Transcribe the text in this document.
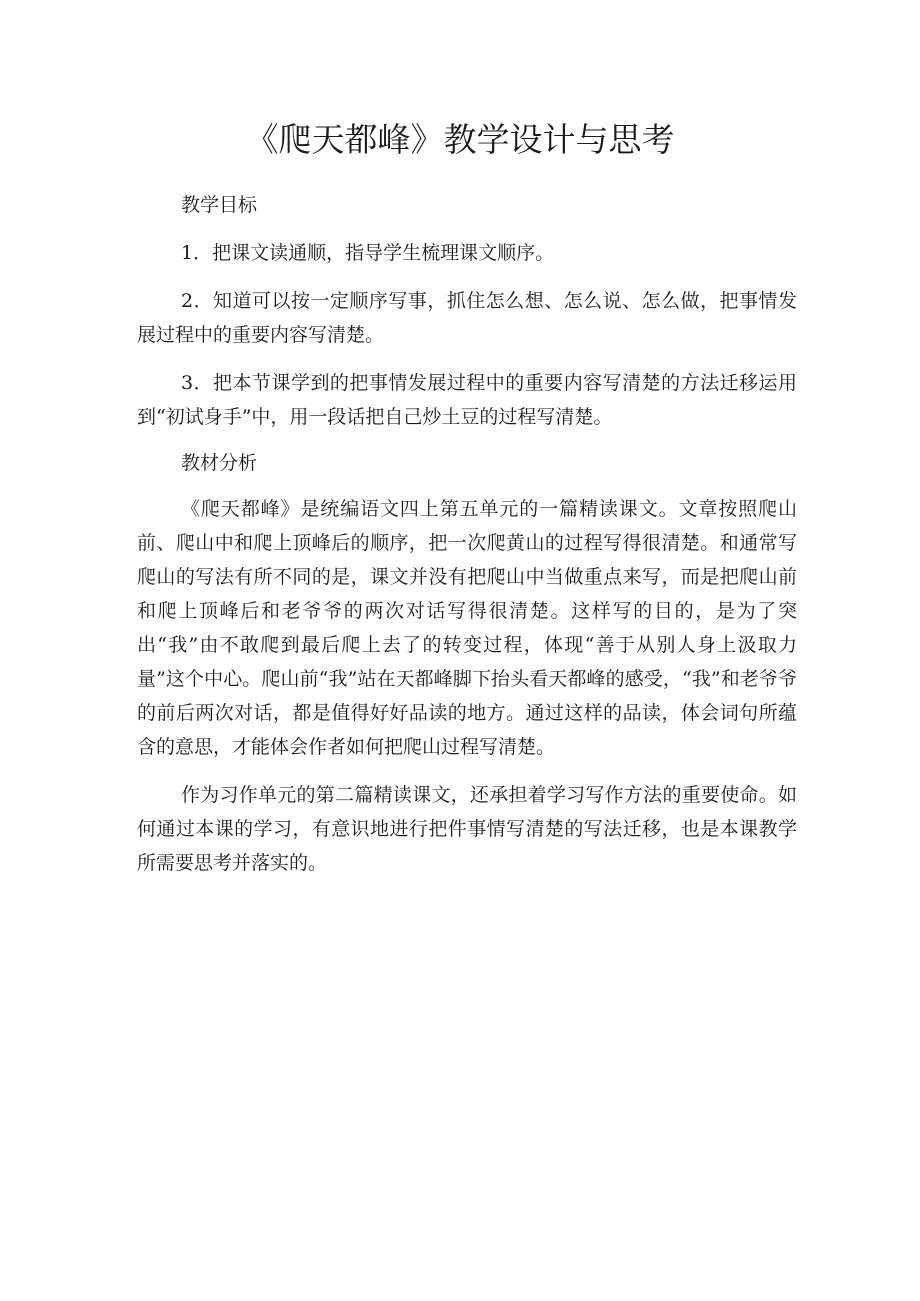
《爬天都峰》教学设计与思考

教学目标

1．把课文读通顺，指导学生梳理课文顺序。

2．知道可以按一定顺序写事，抓住怎么想、怎么说、怎么做，把事情发展过程中的重要内容写清楚。

3．把本节课学到的把事情发展过程中的重要内容写清楚的方法迁移运用到“初试身手”中，用一段话把自己炒土豆的过程写清楚。

教材分析

《爬天都峰》是统编语文四上第五单元的一篇精读课文。文章按照爬山前、爬山中和爬上顶峰后的顺序，把一次爬黄山的过程写得很清楚。和通常写爬山的写法有所不同的是，课文并没有把爬山中当做重点来写，而是把爬山前和爬上顶峰后和老爷爷的两次对话写得很清楚。这样写的目的，是为了突出“我”由不敢爬到最后爬上去了的转变过程，体现“善于从别人身上汲取力量”这个中心。爬山前“我”站在天都峰脚下抬头看天都峰的感受，“我”和老爷爷的前后两次对话，都是值得好好品读的地方。通过这样的品读，体会词句所蕴含的意思，才能体会作者如何把爬山过程写清楚。

作为习作单元的第二篇精读课文，还承担着学习写作方法的重要使命。如何通过本课的学习，有意识地进行把件事情写清楚的写法迁移，也是本课教学所需要思考并落实的。
